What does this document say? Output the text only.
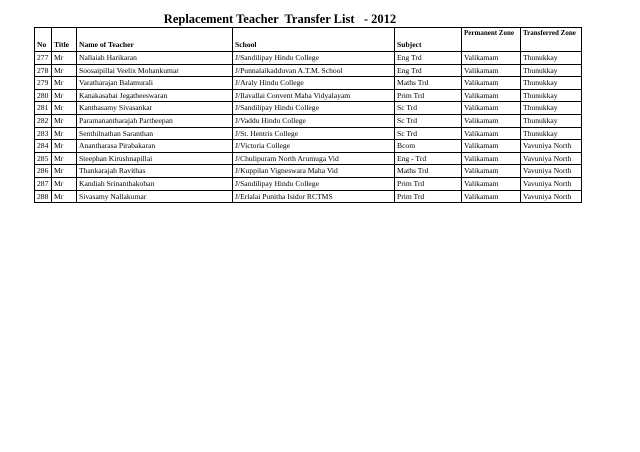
Replacement Teacher  Transfer List   - 2012
No	Title	Name of Teacher	School	Subject	Permanent Zone	Transferred Zone
277	Mr	Nallaiah Harikaran	J/Sandilipay Hindu College	Eng Trd	Valikamam	Thunukkay
278	Mr	Soosaipillai Veelix Mohankumar	J/Punnalaikadduvan A.T.M. School	Eng Trd	Valikamam	Thunukkay
279	Mr	Varatharajan Balamurali	J/Araly Hindu College	Maths Trd	Valikamam	Thunukkay
280	Mr	Kanakasabai Jegatheeswaran	J/Ilavallai Convent Maha Vidyalayam	Prim Trd	Valikamam	Thunukkay
281	Mr	Kanthasamy Sivasankar	J/Sandilipay Hindu College	Sc Trd	Valikamam	Thunukkay
282	Mr	Paramanantharajah Partheepan	J/Vaddu Hindu College	Sc Trd	Valikamam	Thunukkay
283	Mr	Senthilnathan Saranthan	J/St. Hentris College	Sc Trd	Valikamam	Thunukkay
284	Mr	Anantharasa Pirabakaran	J/Victoria College	Bcom	Valikamam	Vavuniya North
285	Mr	Steephan Kirushnapillai	J/Chulipuram North Arumuga Vid	Eng - Trd	Valikamam	Vavuniya North
286	Mr	Thankarajah Ravithas	J/Kuppilan Vigneswara Maha Vid	Maths Trd	Valikamam	Vavuniya North
287	Mr	Kandiah Srinanthakoban	J/Sandilipay Hindu College	Prim Trd	Valikamam	Vavuniya North
288	Mr	Sivasamy Nallakumar	J/Erlalai Punitha Isidor RCTMS	Prim Trd	Valikamam	Vavuniya North
